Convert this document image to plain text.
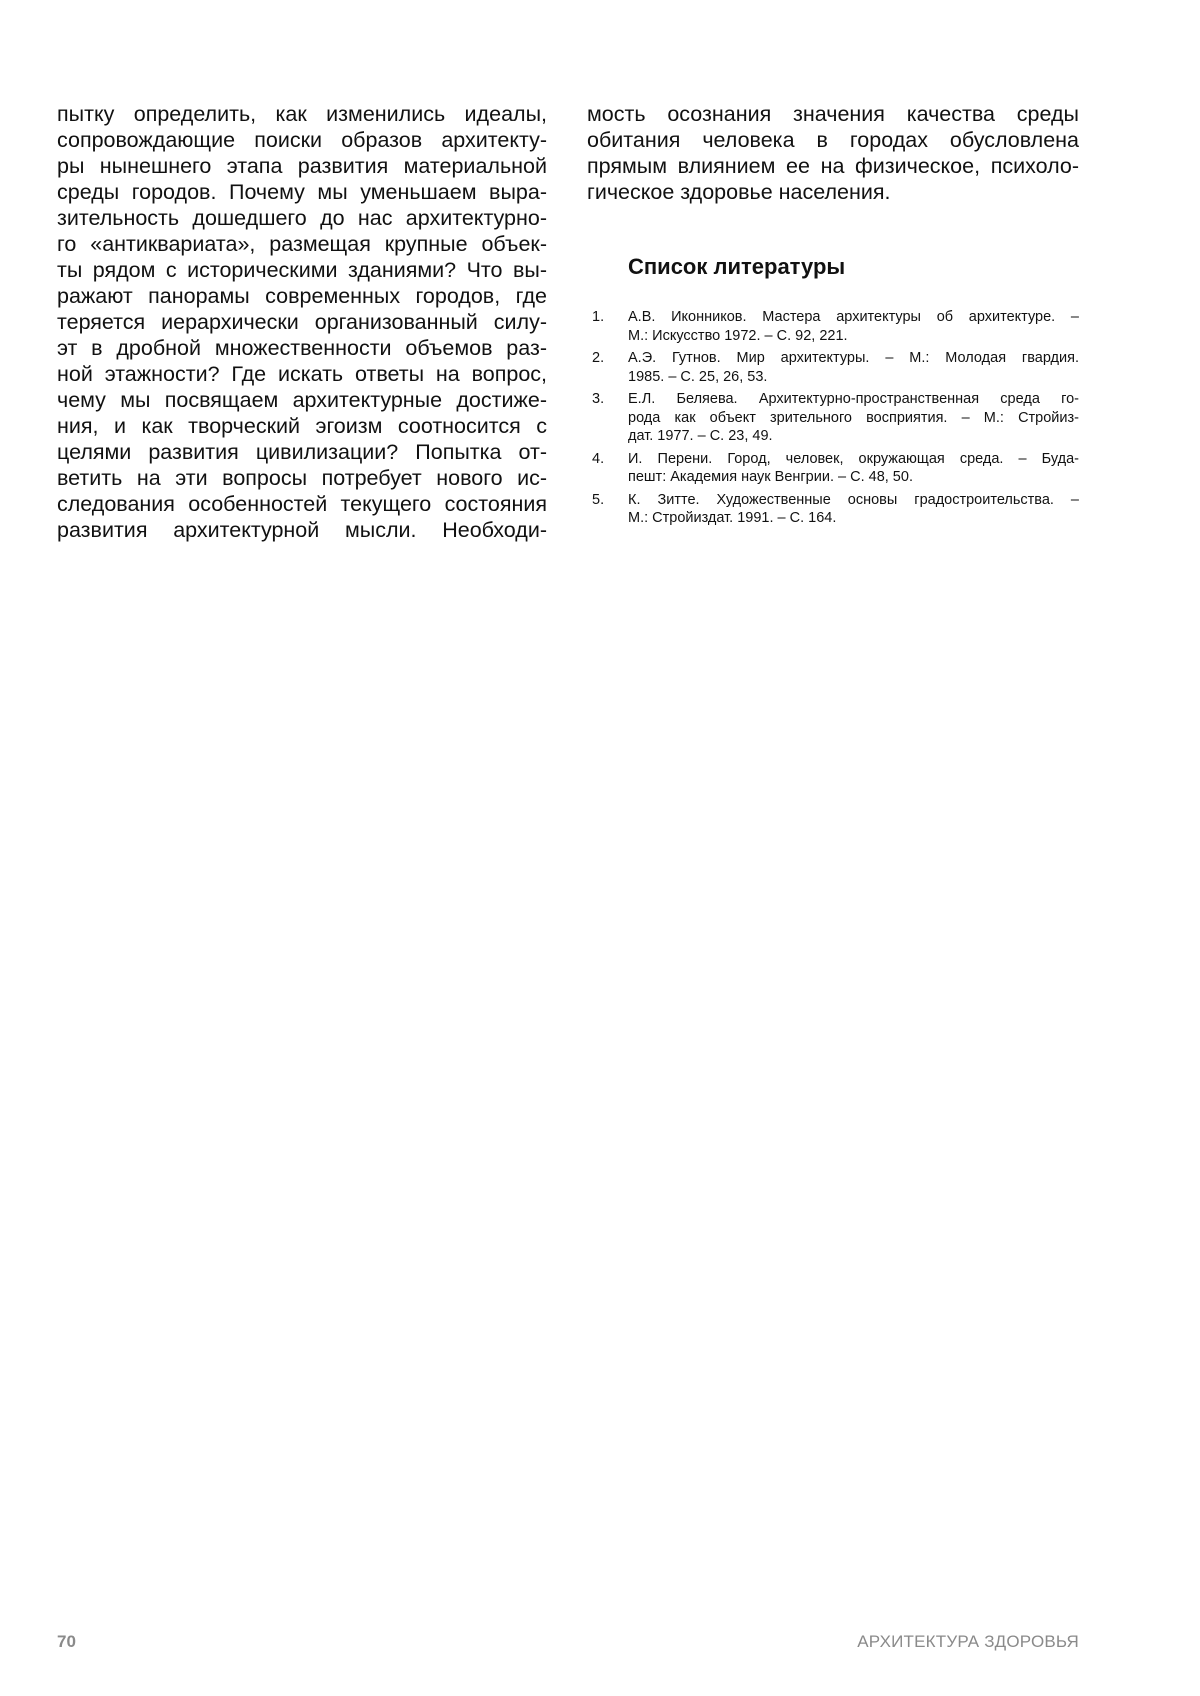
пытку определить, как изменились идеалы,
сопровождающие поиски образов архитекту-
ры нынешнего этапа развития материальной
среды городов. Почему мы уменьшаем выра-
зительность дошедшего до нас архитектурно-
го «антиквариата», размещая крупные объек-
ты рядом с историческими зданиями? Что вы-
ражают панорамы современных городов, где
теряется иерархически организованный силу-
эт в дробной множественности объемов раз-
ной этажности? Где искать ответы на вопрос,
чему мы посвящаем архитектурные достиже-
ния, и как творческий эгоизм соотносится с
целями развития цивилизации? Попытка от-
ветить на эти вопросы потребует нового ис-
следования особенностей текущего состояния
развития архитектурной мысли. Необходи-
мость осознания значения качества среды
обитания человека в городах обусловлена
прямым влиянием ее на физическое, психоло-
гическое здоровье населения.
Список литературы
1. А.В. Иконников. Мастера архитектуры об архитектуре. –
М.: Искусство 1972. – С. 92, 221.
2. А.Э. Гутнов. Мир архитектуры. – М.: Молодая гвардия.
1985. – С. 25, 26, 53.
3. Е.Л. Беляева. Архитектурно-пространственная среда го-
рода как объект зрительного восприятия. – М.: Стройиз-
дат. 1977. – С. 23, 49.
4. И. Перени. Город, человек, окружающая среда. – Буда-
пешт: Академия наук Венгрии. – С. 48, 50.
5. К. Зитте. Художественные основы градостроительства. –
М.: Стройиздат. 1991. – С. 164.
70	АРХИТЕКТУРА ЗДОРОВЬЯ
